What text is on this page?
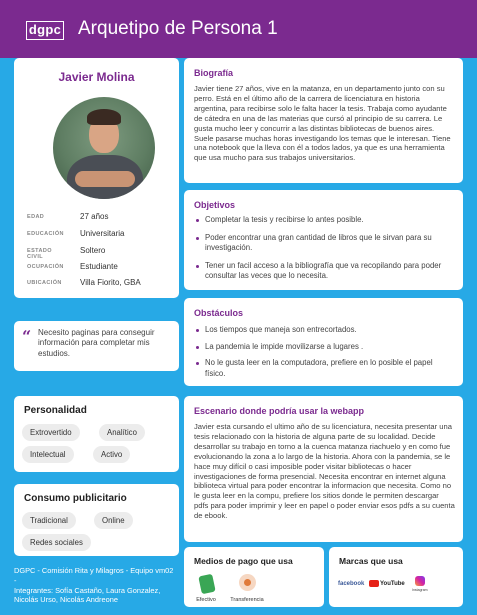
dgpc Arquetipo de Persona 1
Javier Molina
EDAD	27 años
EDUCACIÓN Universitaria
ESTADO CIVIL
Soltero
OCUPACIÓN Estudiante
UBICACIÓN Villa Fiorito, GBA
“ Necesito paginas para conseguir información para completar mis estudios.
Personalidad
Extrovertido	Analítico
Intelectual	Activo
Consumo publicitario
Tradicional	Online
Redes sociales
DGPC - Comisión Rita y Milagros - Equipo vm02 -
Integrantes: Sofía Castaño, Laura Gonzalez, Nicolás Urso, Nicolás Andreone
Biografía
Javier tiene 27 años, vive en la matanza, en un departamento junto con su perro. Está en el último año de la carrera de licenciatura en historia argentina, para recibirse solo le falta hacer la tesis. Trabaja como ayudante de cátedra en una de las materias que cursó al principio de su carrera. Le gusta mucho leer y concurrir a las distintas bibliotecas de buenos aires. Suele pasarse muchas horas investigando los temas que le interesan. Tiene una notebook que la lleva con él a todos lados, ya que es una herramienta que usa mucho para sus trabajos universitarios.
Objetivos
Completar la tesis y recibirse lo antes posible.
Poder encontrar una gran cantidad de libros que le sirvan para su investigación.
Tener un facil acceso a la bibliografía que va recopilando para poder consultar las veces que lo necesita.
Obstáculos
Los tiempos que maneja son entrecortados.
La pandemia le impide movilizarse a lugares .
No le gusta leer en la computadora, prefiere en lo posible el papel físico.
Escenario donde podría usar la webapp
Javier esta cursando el ultimo año de su licenciatura, necesita presentar una tesis relacionado con la historia de alguna parte de su localidad. Decide desarrollar su trabajo en torno a la cuenca matanza riachuelo y en como fue evolucionando la zona a lo largo de la historia. Ahora con la pandemia, se le hace muy difícil o casi imposible poder visitar bibliotecas o hacer investigaciones de forma presencial. Necesita encontrar en internet alguna biblioteca virtual para poder encontrar la informacion que necesita. Como no le gusta leer en la compu, prefiere los sitios donde le permiten descargar pdfs para poder imprimir y leer en papel o poder enviar esos pdfs a su cuenta de ebook.
Medios de pago que usa
Efectivo	Transferencia
Marcas que usa
facebook	YouTube
Instagram
